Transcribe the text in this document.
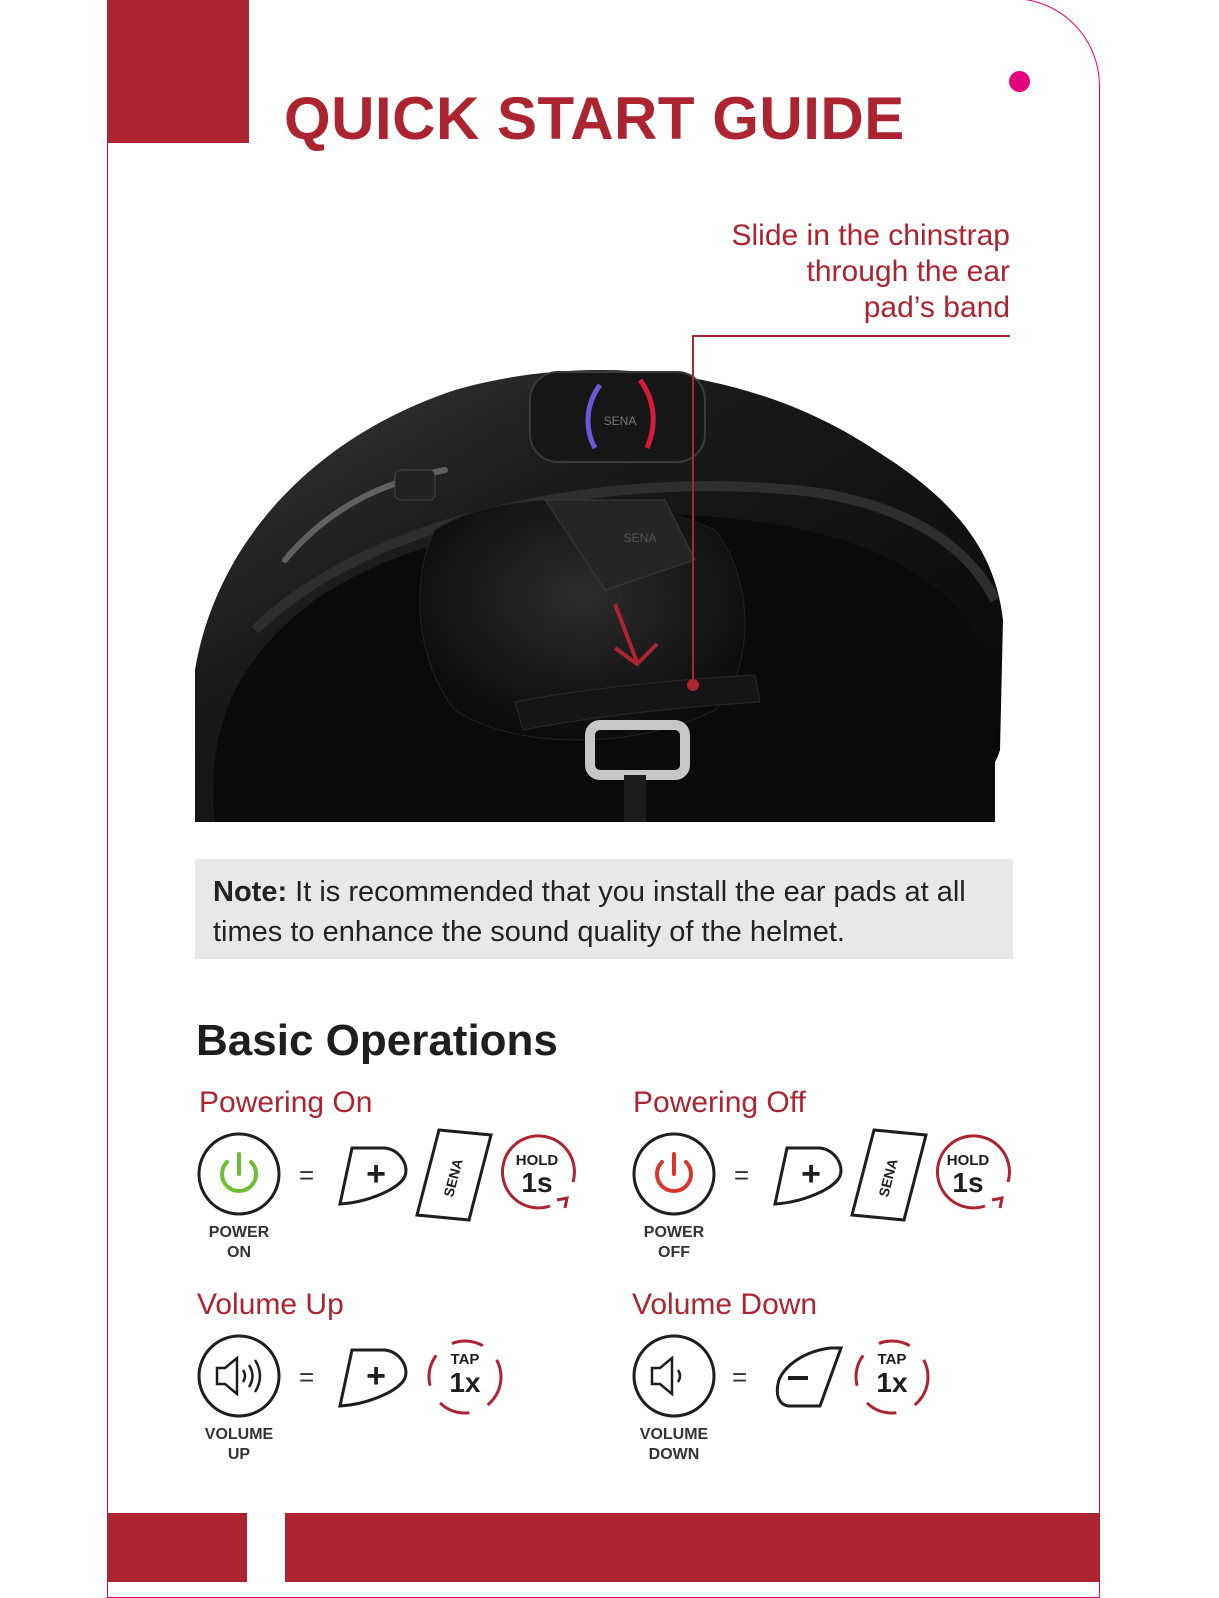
QUICK START GUIDE
Slide in the chinstrap
through the ear
pad’s band
SENA
SENA
Note: It is recommended that you install the ear pads at all times to enhance the sound quality of the helmet.
Basic Operations
Powering On
+	SENA	HOLD
1s
=
POWER
ON
Powering Off
+	SENA	HOLD
1s
=
POWER
OFF
Volume Up
+	TAP
1x
=
VOLUME
UP
Volume Down
TAP
1x
=
VOLUME
DOWN
